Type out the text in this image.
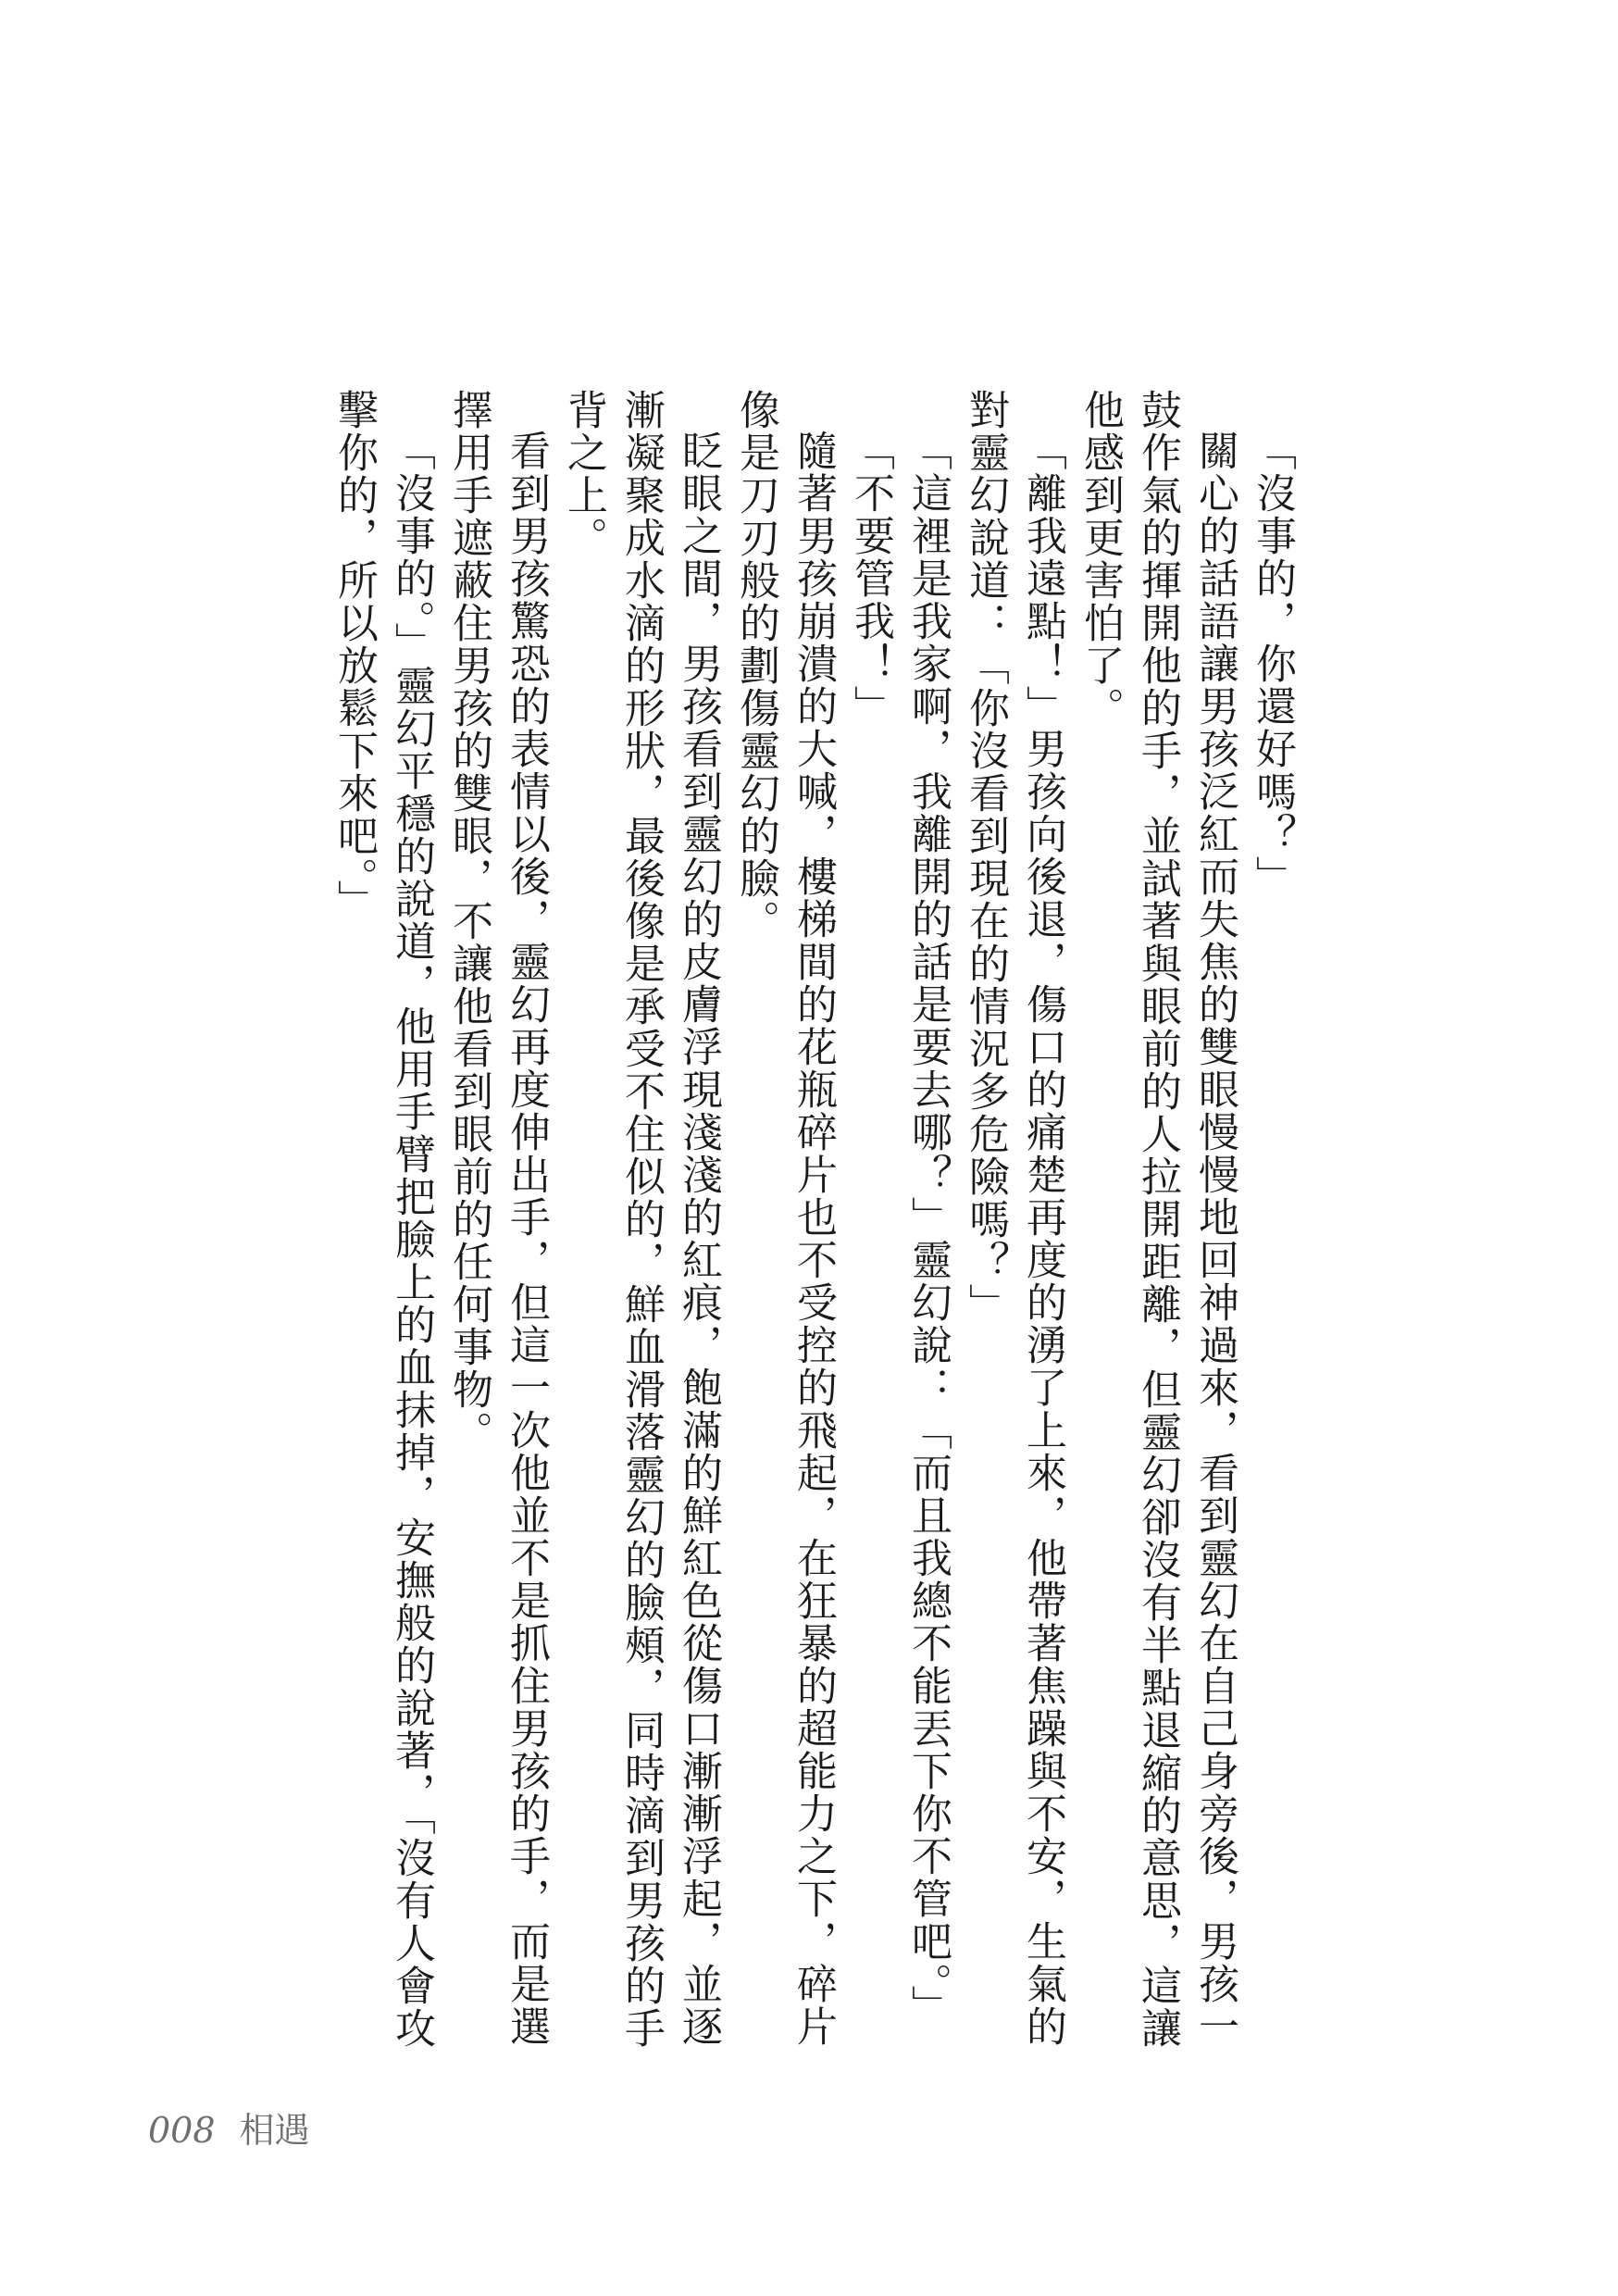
「沒事的，你還好嗎？」

關心的話語讓男孩泛紅而失焦的雙眼慢慢地回神過來，看到靈幻在自己身旁後，男孩一鼓作氣的揮開他的手，並試著與眼前的人拉開距離，但靈幻卻沒有半點退縮的意思，這讓他感到更害怕了。

「離我遠點！」男孩向後退，傷口的痛楚再度的湧了上來，他帶著焦躁與不安，生氣的對靈幻說道：「你沒看到現在的情況多危險嗎？」

「這裡是我家啊，我離開的話是要去哪？」靈幻說：「而且我總不能丟下你不管吧。」

「不要管我！」

隨著男孩崩潰的大喊，樓梯間的花瓶碎片也不受控的飛起，在狂暴的超能力之下，碎片像是刀刃般的劃傷靈幻的臉。

眨眼之間，男孩看到靈幻的皮膚浮現淺淺的紅痕，飽滿的鮮紅色從傷口漸漸浮起，並逐漸凝聚成水滴的形狀，最後像是承受不住似的，鮮血滑落靈幻的臉頰，同時滴到男孩的手背之上。

看到男孩驚恐的表情以後，靈幻再度伸出手，但這一次他並不是抓住男孩的手，而是選擇用手遮蔽住男孩的雙眼，不讓他看到眼前的任何事物。

「沒事的。」靈幻平穩的說道，他用手臂把臉上的血抹掉，安撫般的說著，「沒有人會攻擊你的，所以放鬆下來吧。」

008 相遇
